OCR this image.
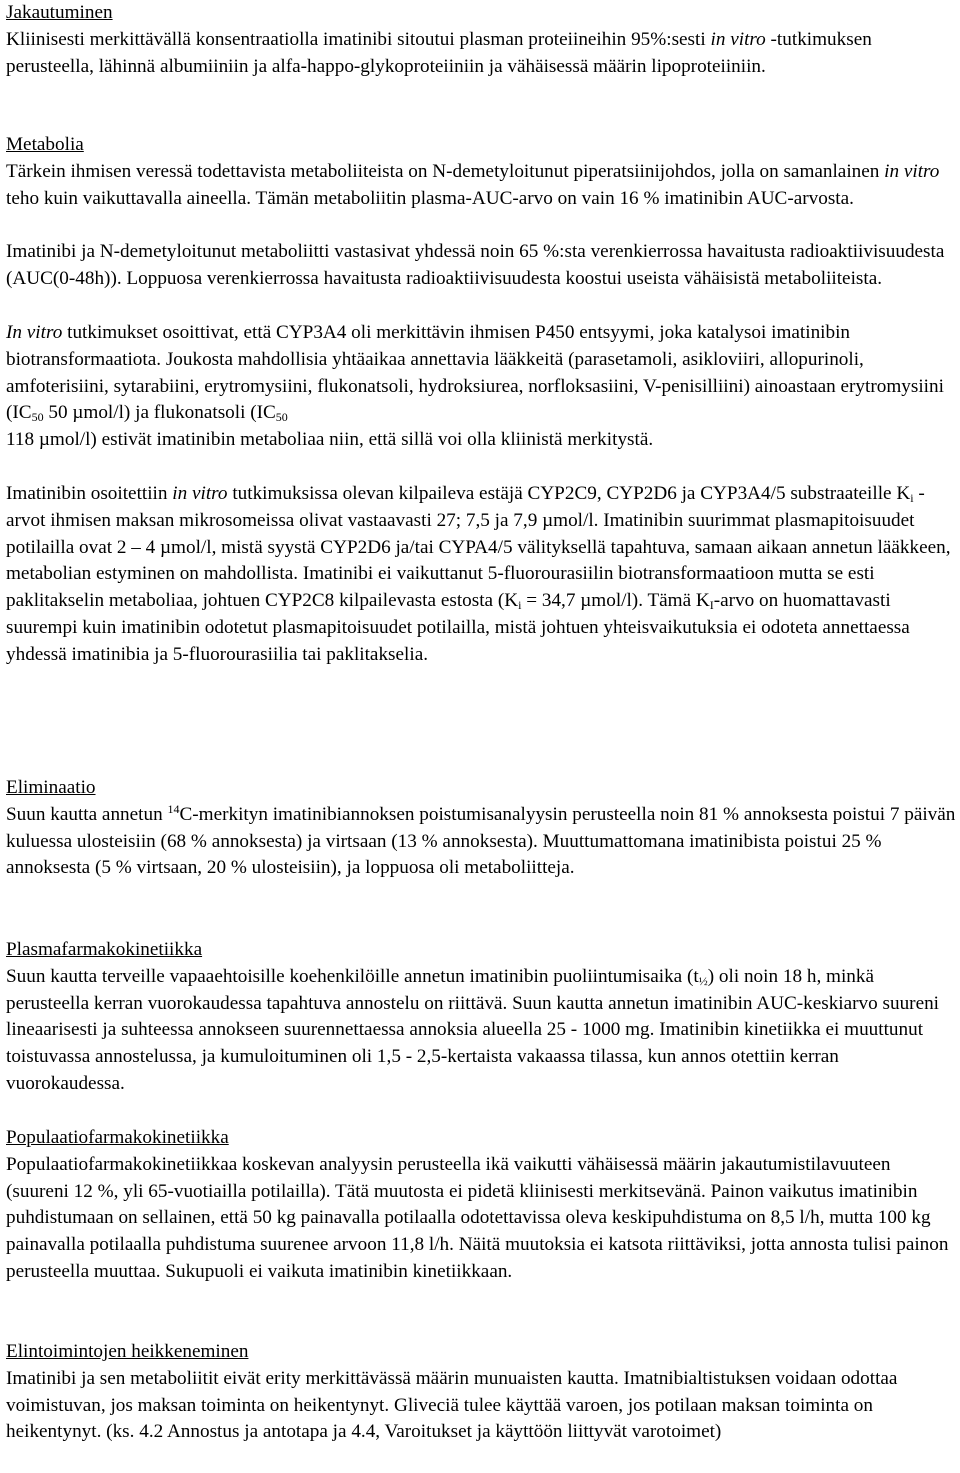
Jakautuminen

Kliinisesti merkittävällä konsentraatiolla imatinibi sitoutui plasman proteiineihin 95%:sesti in vitro -tutkimuksen perusteella, lähinnä albumiiniin ja alfa-happo-glykoproteiiniin ja vähäisessä määrin lipoproteiiniin.

Metabolia

Tärkein ihmisen veressä todettavista metaboliiteista on N-demetyloitunut piperatsiinijohdos, jolla on samanlainen in vitro teho kuin vaikuttavalla aineella. Tämän metaboliitin plasma-AUC-arvo on vain 16 % imatinibin AUC-arvosta.

Imatinibi ja N-demetyloitunut metaboliitti vastasivat yhdessä noin 65 %:sta verenkierrossa havaitusta radioaktiivisuudesta (AUC(0-48h)). Loppuosa verenkierrossa havaitusta radioaktiivisuudesta koostui useista vähäisistä metaboliiteista.

In vitro tutkimukset osoittivat, että CYP3A4 oli merkittävin ihmisen P450 entsyymi, joka katalysoi imatinibin biotransformaatiota. Joukosta mahdollisia yhtäaikaa annettavia lääkkeitä (parasetamoli, asikloviiri, allopurinoli, amfoterisiini, sytarabiini, erytromysiini, flukonatsoli, hydroksiurea, norfloksasiini, V-penisilliini) ainoastaan erytromysiini ($IC_{50}$ 50 µmol/l) ja flukonatsoli ($IC_{50}$
118 µmol/l) estivät imatinibin metaboliaa niin, että sillä voi olla kliinistä merkitystä.

Imatinibin osoitettiin in vitro tutkimuksissa olevan kilpaileva estäjä CYP2C9, CYP2D6 ja CYP3A4/5 substraateille $K_i$ -arvot ihmisen maksan mikrosomeissa olivat vastaavasti 27; 7,5 ja 7,9 µmol/l. Imatinibin suurimmat plasmapitoisuudet potilailla ovat 2 – 4 µmol/l, mistä syystä CYP2D6 ja/tai CYPA4/5 välityksellä tapahtuva, samaan aikaan annetun lääkkeen, metabolian estyminen on mahdollista. Imatinibi ei vaikuttanut 5-fluorourasiilin biotransformaatioon mutta se esti paklitakselin metaboliaa, johtuen CYP2C8 kilpailevasta estosta ($K_i = 34,7$ µmol/l). Tämä $K_I$-arvo on huomattavasti suurempi kuin imatinibin odotetut plasmapitoisuudet potilailla, mistä johtuen yhteisvaikutuksia ei odoteta annettaessa yhdessä imatinibia ja 5-fluorourasiilia tai paklitakselia.

Eliminaatio

Suun kautta annetun $^{14}$C-merkityn imatinibiannoksen poistumisanalyysin perusteella noin 81 % annoksesta poistui 7 päivän kuluessa ulosteisiin (68 % annoksesta) ja virtsaan (13 % annoksesta). Muuttumattomana imatinibista poistui 25 % annoksesta (5 % virtsaan, 20 % ulosteisiin), ja loppuosa oli metaboliitteja.

Plasmafarmakokinetiikka

Suun kautta terveille vapaaehtoisille koehenkilöille annetun imatinibin puoliintumisaika $(t_{\frac{1}{2}})$ oli noin 18 h, minkä perusteella kerran vuorokaudessa tapahtuva annostelu on riittävä. Suun kautta annetun imatinibin AUC-keskiarvo suureni lineaarisesti ja suhteessa annokseen suurennettaessa annoksia alueella 25 - 1000 mg. Imatinibin kinetiikka ei muuttunut toistuvassa annostelussa, ja kumuloituminen oli 1,5 - 2,5-kertaista vakaassa tilassa, kun annos otettiin kerran vuorokaudessa.

Populaatiofarmakokinetiikka

Populaatiofarmakokinetiikkaa koskevan analyysin perusteella ikä vaikutti vähäisessä määrin jakautumistilavuuteen (suureni 12 %, yli 65-vuotiailla potilailla). Tätä muutosta ei pidetä kliinisesti merkitsevänä. Painon vaikutus imatinibin puhdistumaan on sellainen, että 50 kg painavalla potilaalla odotettavissa oleva keskipuhdistuma on 8,5 l/h, mutta 100 kg painavalla potilaalla puhdistuma suurenee arvoon 11,8 l/h. Näitä muutoksia ei katsota riittäviksi, jotta annosta tulisi painon perusteella muuttaa. Sukupuoli ei vaikuta imatinibin kinetiikkaan.

Elintoimintojen heikkeneminen

Imatinibi ja sen metaboliitit eivät erity merkittävässä määrin munuaisten kautta. Imatnibialtistuksen voidaan odottaa voimistuvan, jos maksan toiminta on heikentynyt. Glivеciä tulee käyttää varoen, jos potilaan maksan toiminta on heikentynyt. (ks. 4.2 Annostus ja antotapa ja 4.4, Varoitukset ja käyttöön liittyvät varotoimet)
